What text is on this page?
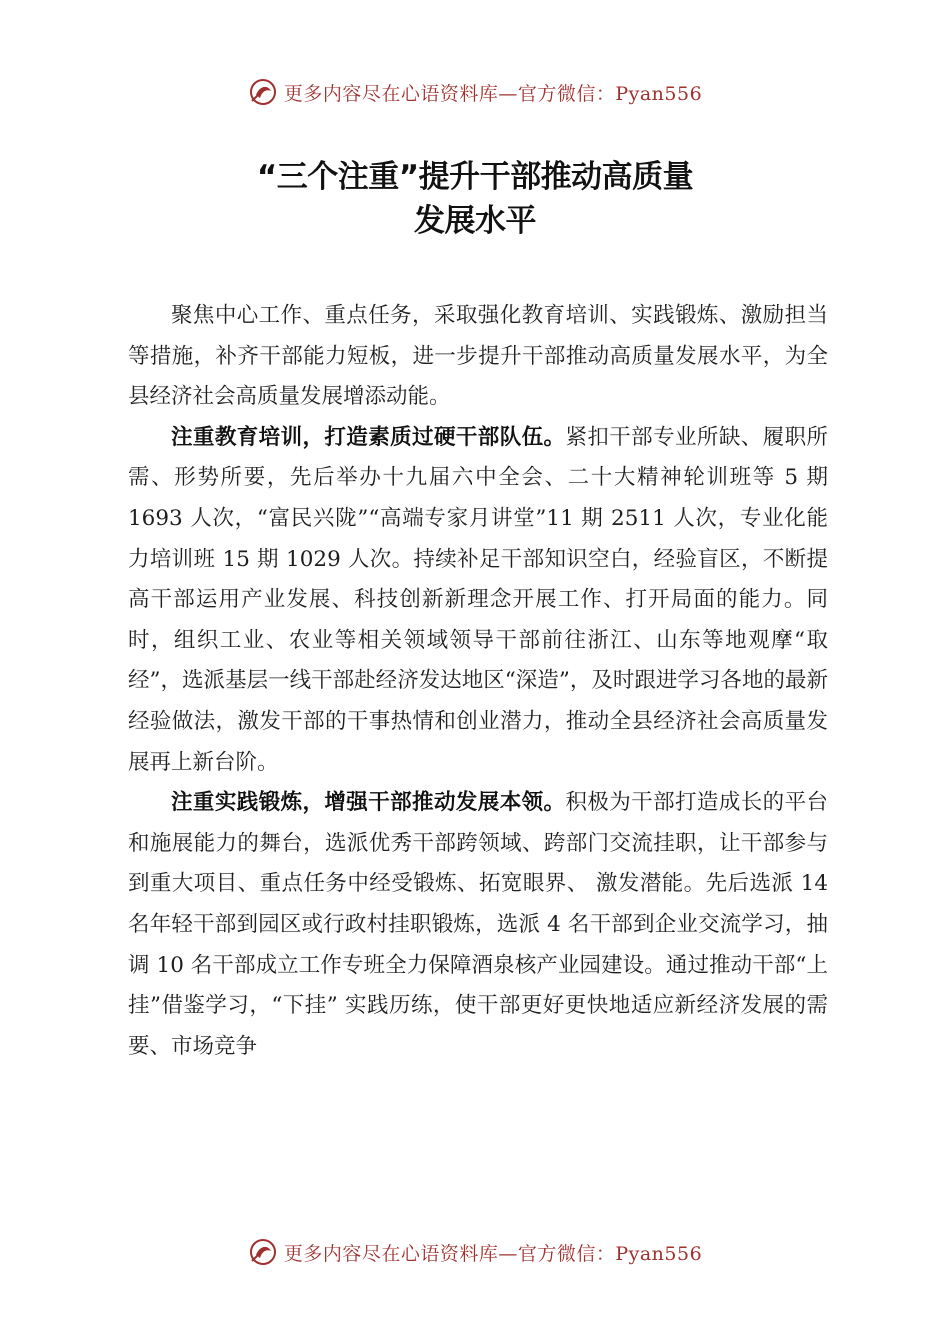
更多内容尽在心语资料库—官方微信：Pyan556
“三个注重”提升干部推动高质量
发展水平

聚焦中心工作、重点任务，采取强化教育培训、实践锻炼、激励担当等措施，补齐干部能力短板，进一步提升干部推动高质量发展水平，为全县经济社会高质量发展增添动能。

注重教育培训，打造素质过硬干部队伍。紧扣干部专业所缺、履职所需、形势所要，先后举办十九届六中全会、二十大精神轮训班等 5 期 1693 人次，“富民兴陇”“高端专家月讲堂”11 期 2511 人次，专业化能力培训班 15 期 1029 人次。持续补足干部知识空白，经验盲区，不断提高干部运用产业发展、科技创新新理念开展工作、打开局面的能力。同时，组织工业、农业等相关领域领导干部前往浙江、山东等地观摩“取经”，选派基层一线干部赴经济发达地区“深造”，及时跟进学习各地的最新经验做法，激发干部的干事热情和创业潜力，推动全县经济社会高质量发展再上新台阶。

注重实践锻炼，增强干部推动发展本领。积极为干部打造成长的平台和施展能力的舞台，选派优秀干部跨领域、跨部门交流挂职，让干部参与到重大项目、重点任务中经受锻炼、拓宽眼界、 激发潜能。先后选派 14 名年轻干部到园区或行政村挂职锻炼，选派 4 名干部到企业交流学习，抽调 10 名干部成立工作专班全力保障酒泉核产业园建设。通过推动干部“上挂”借鉴学习，“下挂” 实践历练，使干部更好更快地适应新经济发展的需要、市场竞争

更多内容尽在心语资料库—官方微信：Pyan556
